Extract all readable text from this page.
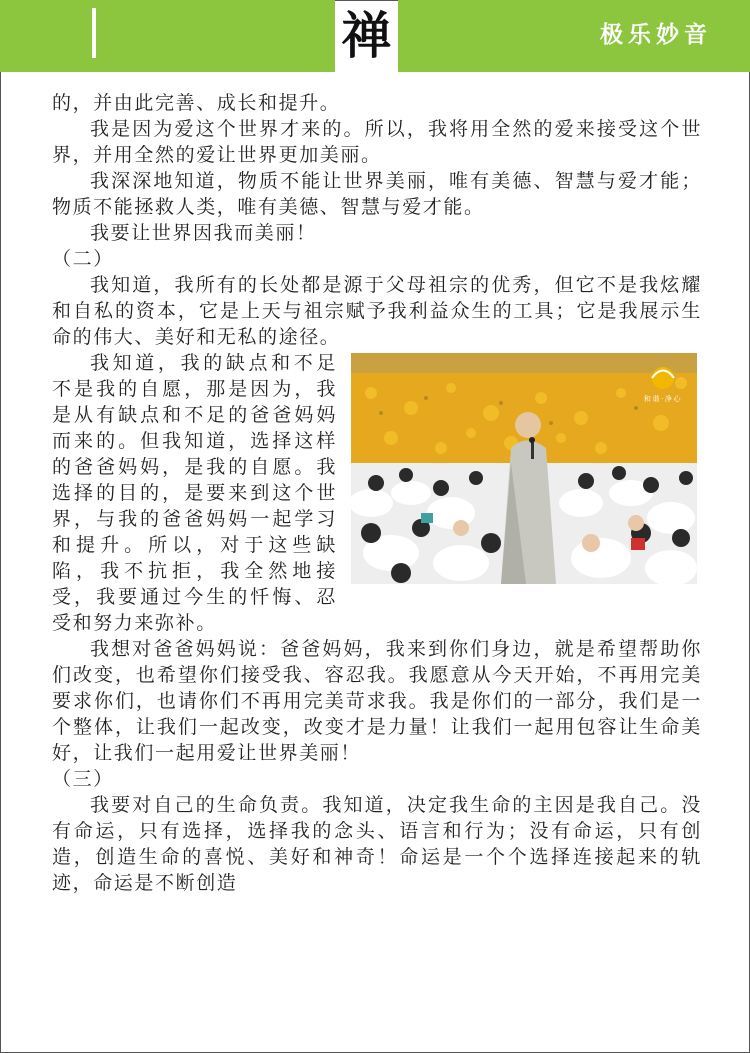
禅	极乐妙音

的，并由此完善、成长和提升。

我是因为爱这个世界才来的。所以，我将用全然的爱来接受这个世界，并用全然的爱让世界更加美丽。

我深深地知道，物质不能让世界美丽，唯有美德、智慧与爱才能；物质不能拯救人类，唯有美德、智慧与爱才能。

我要让世界因我而美丽！

（二）

我知道，我所有的长处都是源于父母祖宗的优秀，但它不是我炫耀和自私的资本，它是上天与祖宗赋予我利益众生的工具；它是我展示生命的伟大、美好和无私的途径。

和谐·净心

我知道，我的缺点和不足不是我的自愿，那是因为，我是从有缺点和不足的爸爸妈妈而来的。但我知道，选择这样的爸爸妈妈，是我的自愿。我选择的目的，是要来到这个世界，与我的爸爸妈妈一起学习和提升。所以，对于这些缺陷，我不抗拒，我全然地接受，我要通过今生的忏悔、忍受和努力来弥补。

我想对爸爸妈妈说：爸爸妈妈，我来到你们身边，就是希望帮助你们改变，也希望你们接受我、容忍我。我愿意从今天开始，不再用完美要求你们，也请你们不再用完美苛求我。我是你们的一部分，我们是一个整体，让我们一起改变，改变才是力量！让我们一起用包容让生命美好，让我们一起用爱让世界美丽！

（三）

我要对自己的生命负责。我知道，决定我生命的主因是我自己。没有命运，只有选择，选择我的念头、语言和行为；没有命运，只有创造，创造生命的喜悦、美好和神奇！命运是一个个选择连接起来的轨迹，命运是不断创造
